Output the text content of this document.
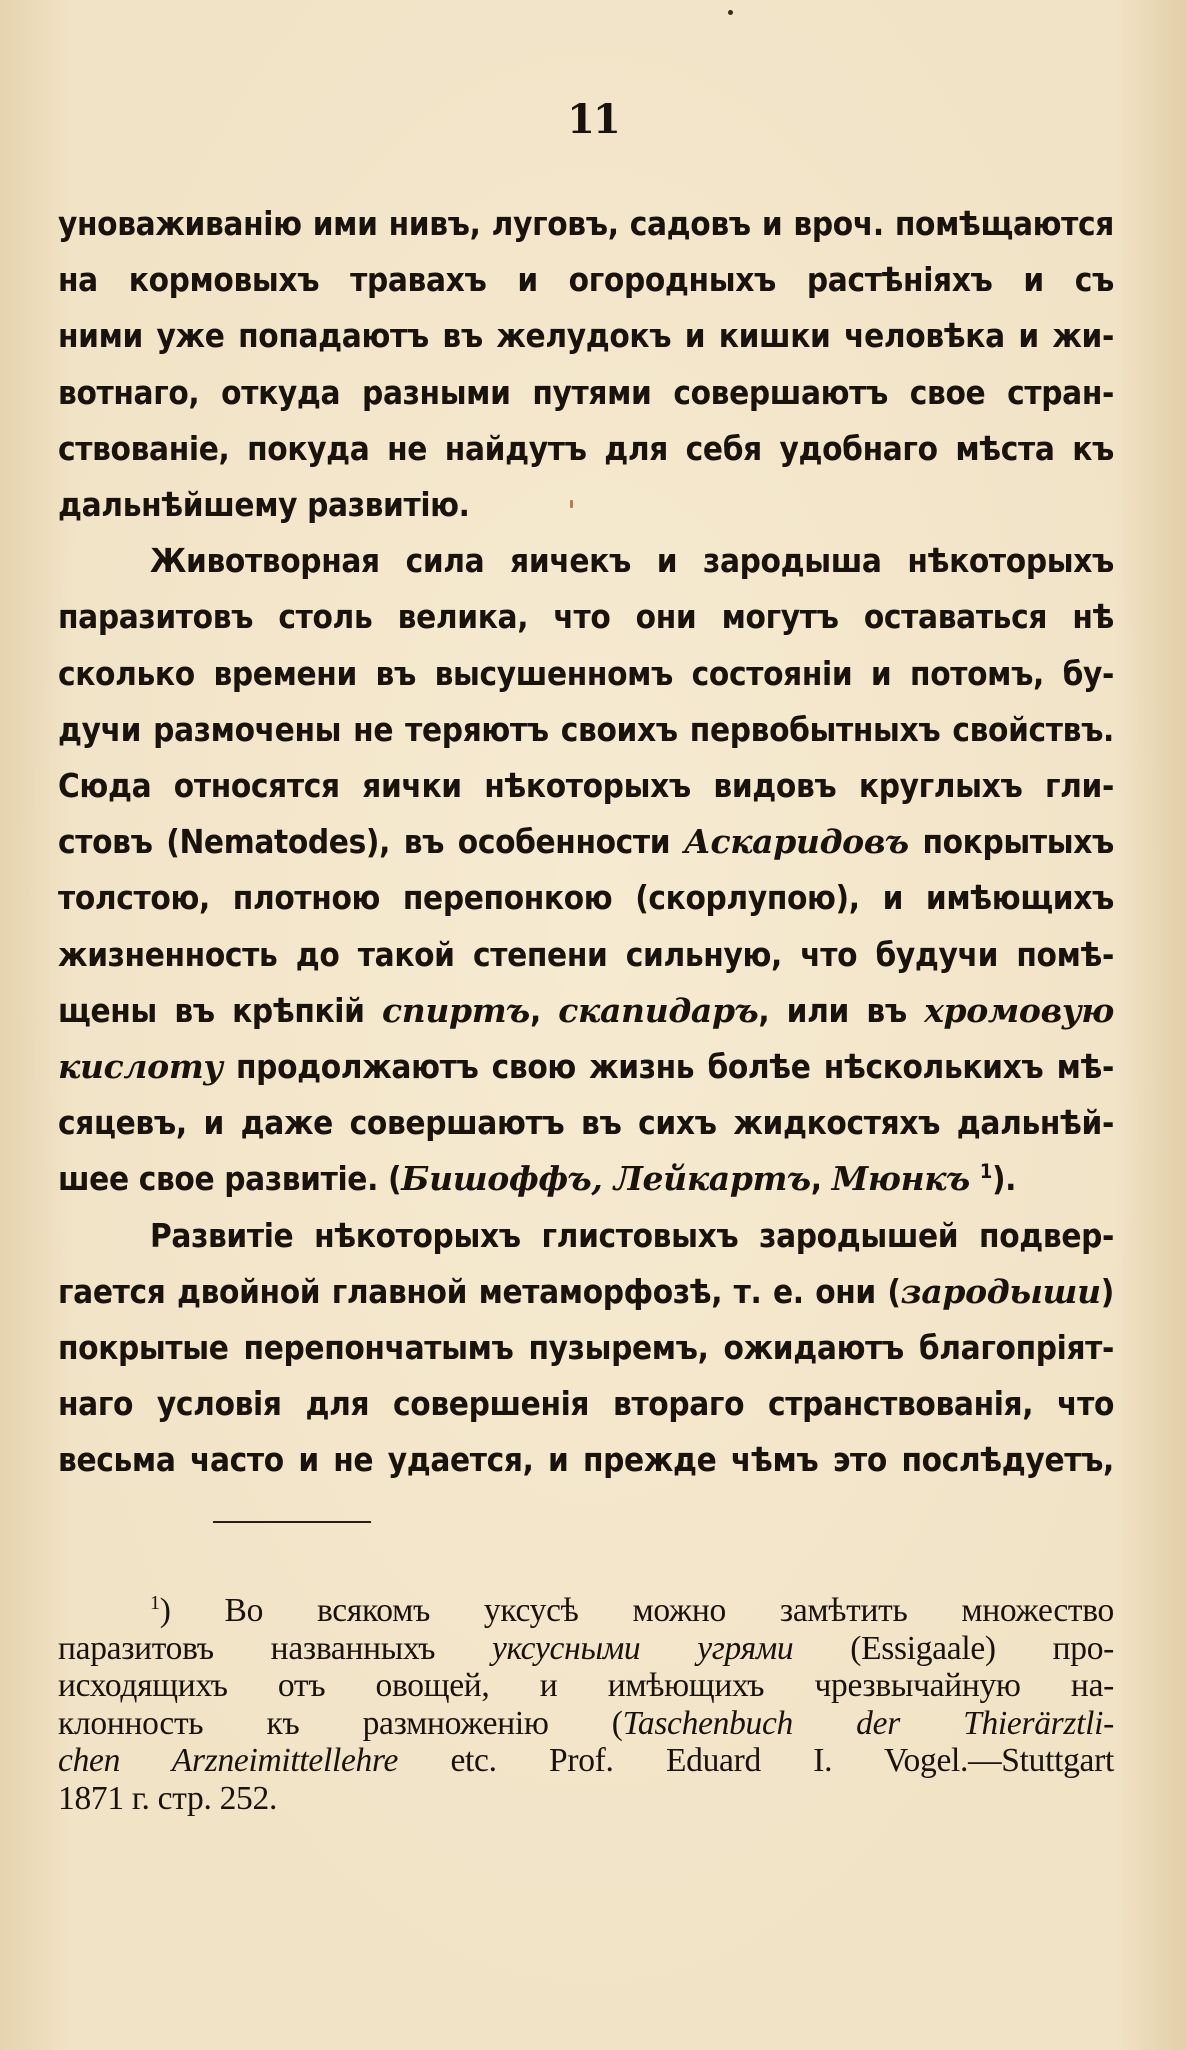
11

уноваживанію ими нивъ, луговъ, садовъ и вроч. помѣщаются

на кормовыхъ травахъ и огородныхъ растѣніяхъ и съ

ними уже попадаютъ въ желудокъ и кишки человѣка и жи-

вотнаго, откуда разными путями совершаютъ свое стран-

ствованіе, покуда не найдутъ для себя удобнаго мѣста къ

дальнѣйшему развитію.

Животворная сила яичекъ и зародыша нѣкоторыхъ

паразитовъ столь велика, что они могутъ оставаться нѣ

сколько времени въ высушенномъ состояніи и потомъ, бу-

дучи размочены не теряютъ своихъ первобытныхъ свойствъ.

Сюда относятся яички нѣкоторыхъ видовъ круглыхъ гли-

стовъ (Nematodes), въ особенности Аскаридовъ покрытыхъ

толстою, плотною перепонкою (скорлупою), и имѣющихъ

жизненность до такой степени сильную, что будучи помѣ-

щены въ крѣпкій спиртъ, скапидаръ, или въ хромовую

кислоту продолжаютъ свою жизнь болѣе нѣсколькихъ мѣ-

сяцевъ, и даже совершаютъ въ сихъ жидкостяхъ дальнѣй-

шее свое развитіе. (Бишоффъ, Лейкартъ, Мюнкъ $^1$).

Развитіе нѣкоторыхъ глистовыхъ зародышей подвер-

гается двойной главной метаморфозѣ, т. е. они (зародыши)

покрытые перепончатымъ пузыремъ, ожидаютъ благопріят-

наго условія для совершенія втораго странствованія, что

весьма часто и не удается, и прежде чѣмъ это послѣдуетъ,

$^1$) Во всякомъ уксусѣ можно замѣтить множество

паразитовъ названныхъ уксусными угрями (Essigaale) про-

исходящихъ отъ овощей, и имѣющихъ чрезвычайную на-

клонность къ размноженію (Taschenbuch der Thierärztli-

chen Arzneimittellehre etc. Prof. Eduard I. Vogel.—Stuttgart

1871 г. стр. 252.
